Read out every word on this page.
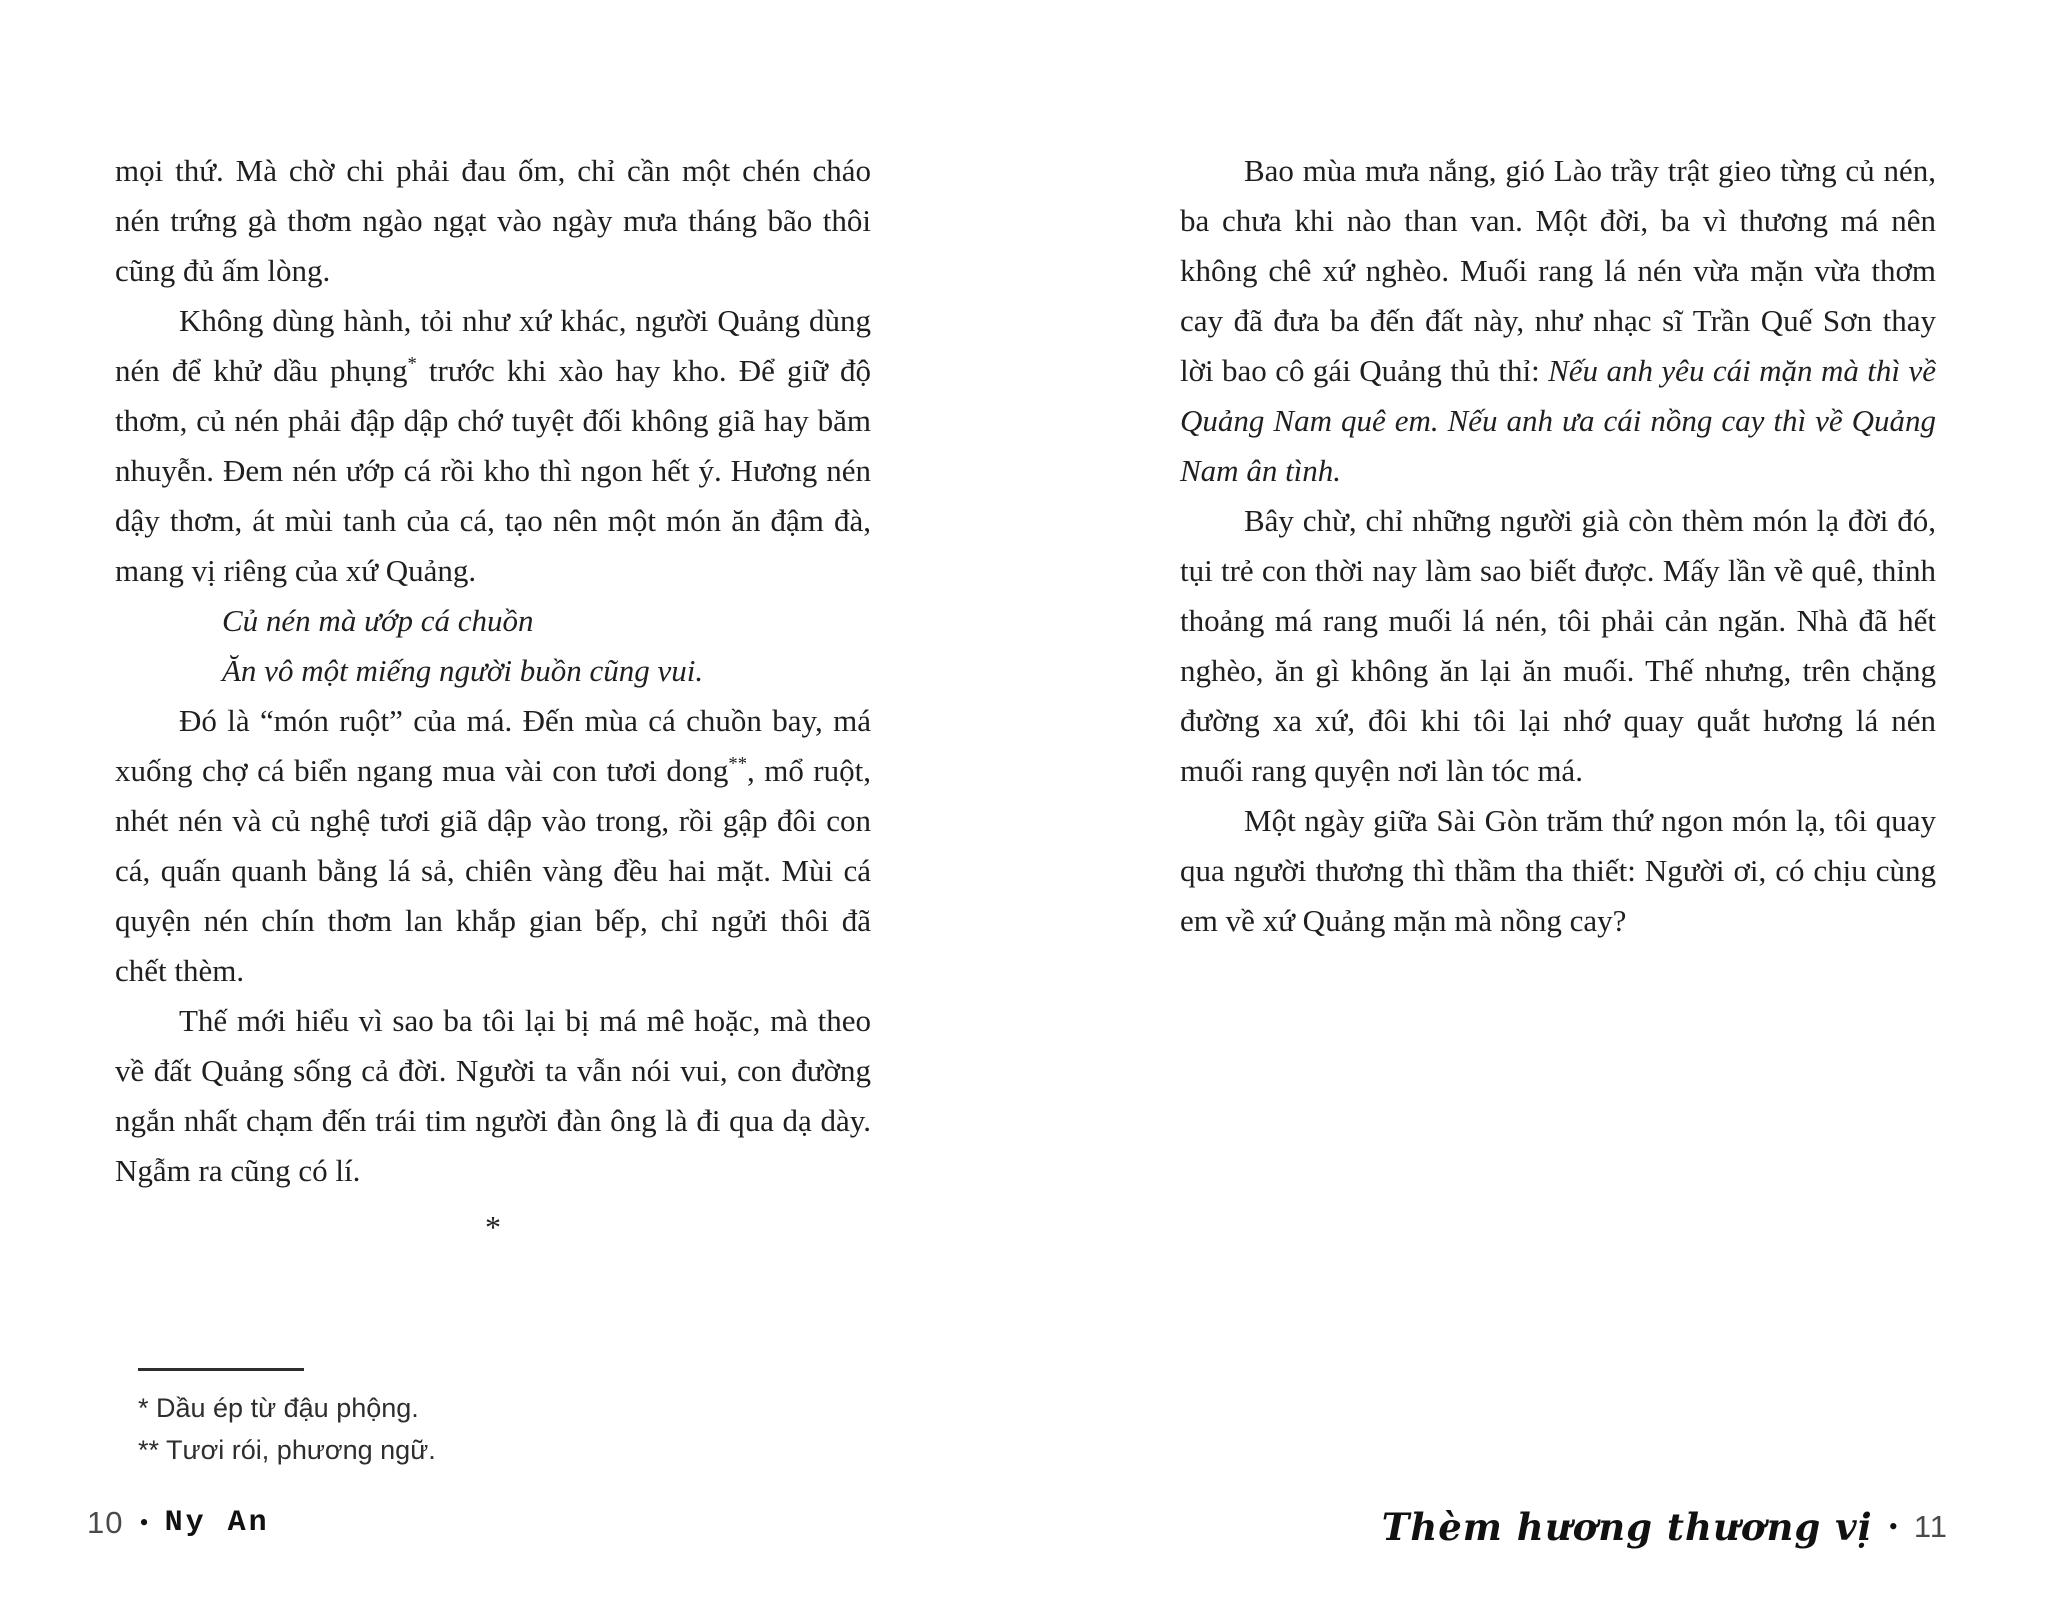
mọi thứ. Mà chờ chi phải đau ốm, chỉ cần một chén cháo nén trứng gà thơm ngào ngạt vào ngày mưa tháng bão thôi cũng đủ ấm lòng.

Không dùng hành, tỏi như xứ khác, người Quảng dùng nén để khử dầu phụng* trước khi xào hay kho. Để giữ độ thơm, củ nén phải đập dập chớ tuyệt đối không giã hay băm nhuyễn. Đem nén ướp cá rồi kho thì ngon hết ý. Hương nén dậy thơm, át mùi tanh của cá, tạo nên một món ăn đậm đà, mang vị riêng của xứ Quảng.

Củ nén mà ướp cá chuồn

Ăn vô một miếng người buồn cũng vui.

Đó là “món ruột” của má. Đến mùa cá chuồn bay, má xuống chợ cá biển ngang mua vài con tươi dong**, mổ ruột, nhét nén và củ nghệ tươi giã dập vào trong, rồi gập đôi con cá, quấn quanh bằng lá sả, chiên vàng đều hai mặt. Mùi cá quyện nén chín thơm lan khắp gian bếp, chỉ ngửi thôi đã chết thèm.

Thế mới hiểu vì sao ba tôi lại bị má mê hoặc, mà theo về đất Quảng sống cả đời. Người ta vẫn nói vui, con đường ngắn nhất chạm đến trái tim người đàn ông là đi qua dạ dày. Ngẫm ra cũng có lí.

*

* Dầu ép từ đậu phộng.

** Tươi rói, phương ngữ.

10 • Ny An

Bao mùa mưa nắng, gió Lào trầy trật gieo từng củ nén, ba chưa khi nào than van. Một đời, ba vì thương má nên không chê xứ nghèo. Muối rang lá nén vừa mặn vừa thơm cay đã đưa ba đến đất này, như nhạc sĩ Trần Quế Sơn thay lời bao cô gái Quảng thủ thỉ: Nếu anh yêu cái mặn mà thì về Quảng Nam quê em. Nếu anh ưa cái nồng cay thì về Quảng Nam ân tình.

Bây chừ, chỉ những người già còn thèm món lạ đời đó, tụi trẻ con thời nay làm sao biết được. Mấy lần về quê, thỉnh thoảng má rang muối lá nén, tôi phải cản ngăn. Nhà đã hết nghèo, ăn gì không ăn lại ăn muối. Thế nhưng, trên chặng đường xa xứ, đôi khi tôi lại nhớ quay quắt hương lá nén muối rang quyện nơi làn tóc má.

Một ngày giữa Sài Gòn trăm thứ ngon món lạ, tôi quay qua người thương thì thầm tha thiết: Người ơi, có chịu cùng em về xứ Quảng mặn mà nồng cay?

Thèm hương thương vị • 11
